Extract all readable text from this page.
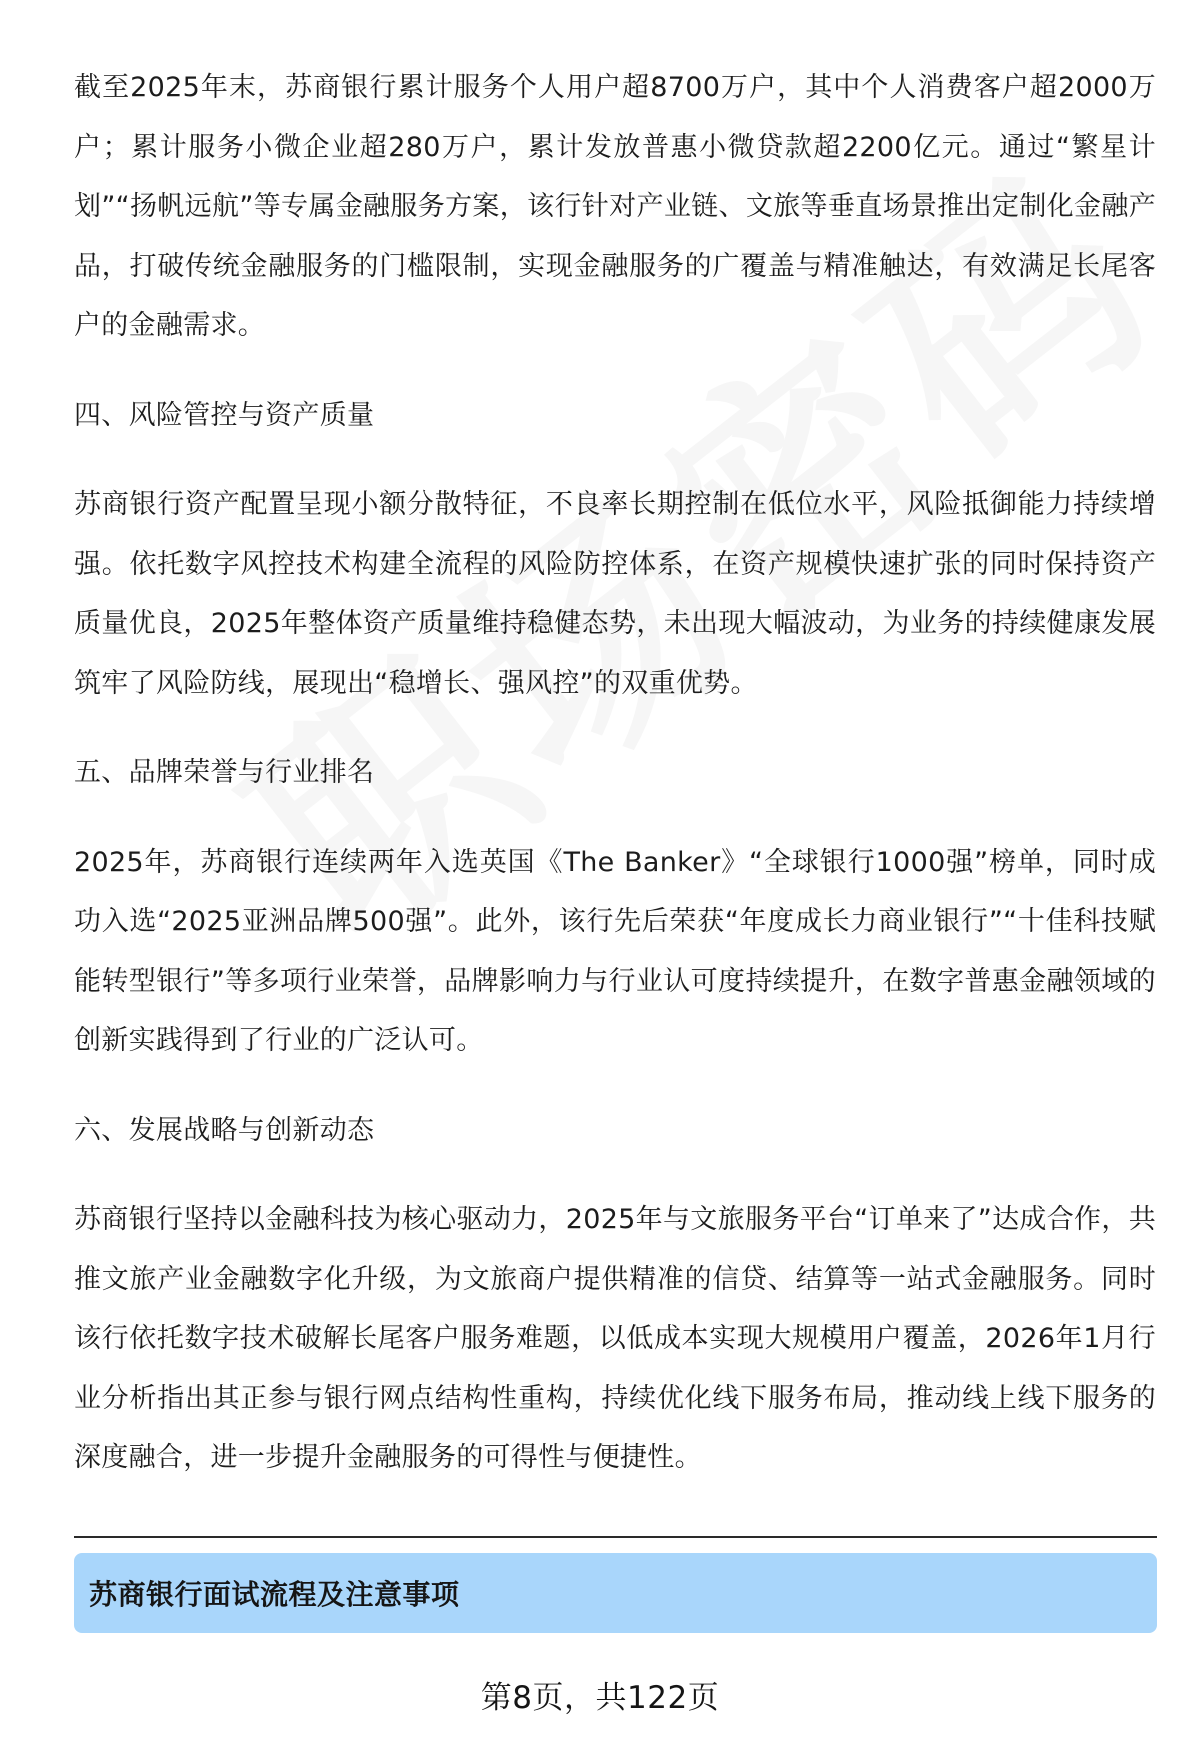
截至2025年末，苏商银行累计服务个人用户超8700万户，其中个人消费客户超2000万户；累计服务小微企业超280万户，累计发放普惠小微贷款超2200亿元。通过“繁星计划”“扬帆远航”等专属金融服务方案，该行针对产业链、文旅等垂直场景推出定制化金融产品，打破传统金融服务的门槛限制，实现金融服务的广覆盖与精准触达，有效满足长尾客户的金融需求。

四、风险管控与资产质量

苏商银行资产配置呈现小额分散特征，不良率长期控制在低位水平，风险抵御能力持续增强。依托数字风控技术构建全流程的风险防控体系，在资产规模快速扩张的同时保持资产质量优良，2025年整体资产质量维持稳健态势，未出现大幅波动，为业务的持续健康发展筑牢了风险防线，展现出“稳增长、强风控”的双重优势。

五、品牌荣誉与行业排名

2025年，苏商银行连续两年入选英国《The Banker》“全球银行1000强”榜单，同时成功入选“2025亚洲品牌500强”。此外，该行先后荣获“年度成长力商业银行”“十佳科技赋能转型银行”等多项行业荣誉，品牌影响力与行业认可度持续提升，在数字普惠金融领域的创新实践得到了行业的广泛认可。

六、发展战略与创新动态

苏商银行坚持以金融科技为核心驱动力，2025年与文旅服务平台“订单来了”达成合作，共推文旅产业金融数字化升级，为文旅商户提供精准的信贷、结算等一站式金融服务。同时该行依托数字技术破解长尾客户服务难题，以低成本实现大规模用户覆盖，2026年1月行业分析指出其正参与银行网点结构性重构，持续优化线下服务布局，推动线上线下服务的深度融合，进一步提升金融服务的可得性与便捷性。

苏商银行面试流程及注意事项
第8页，共122页
